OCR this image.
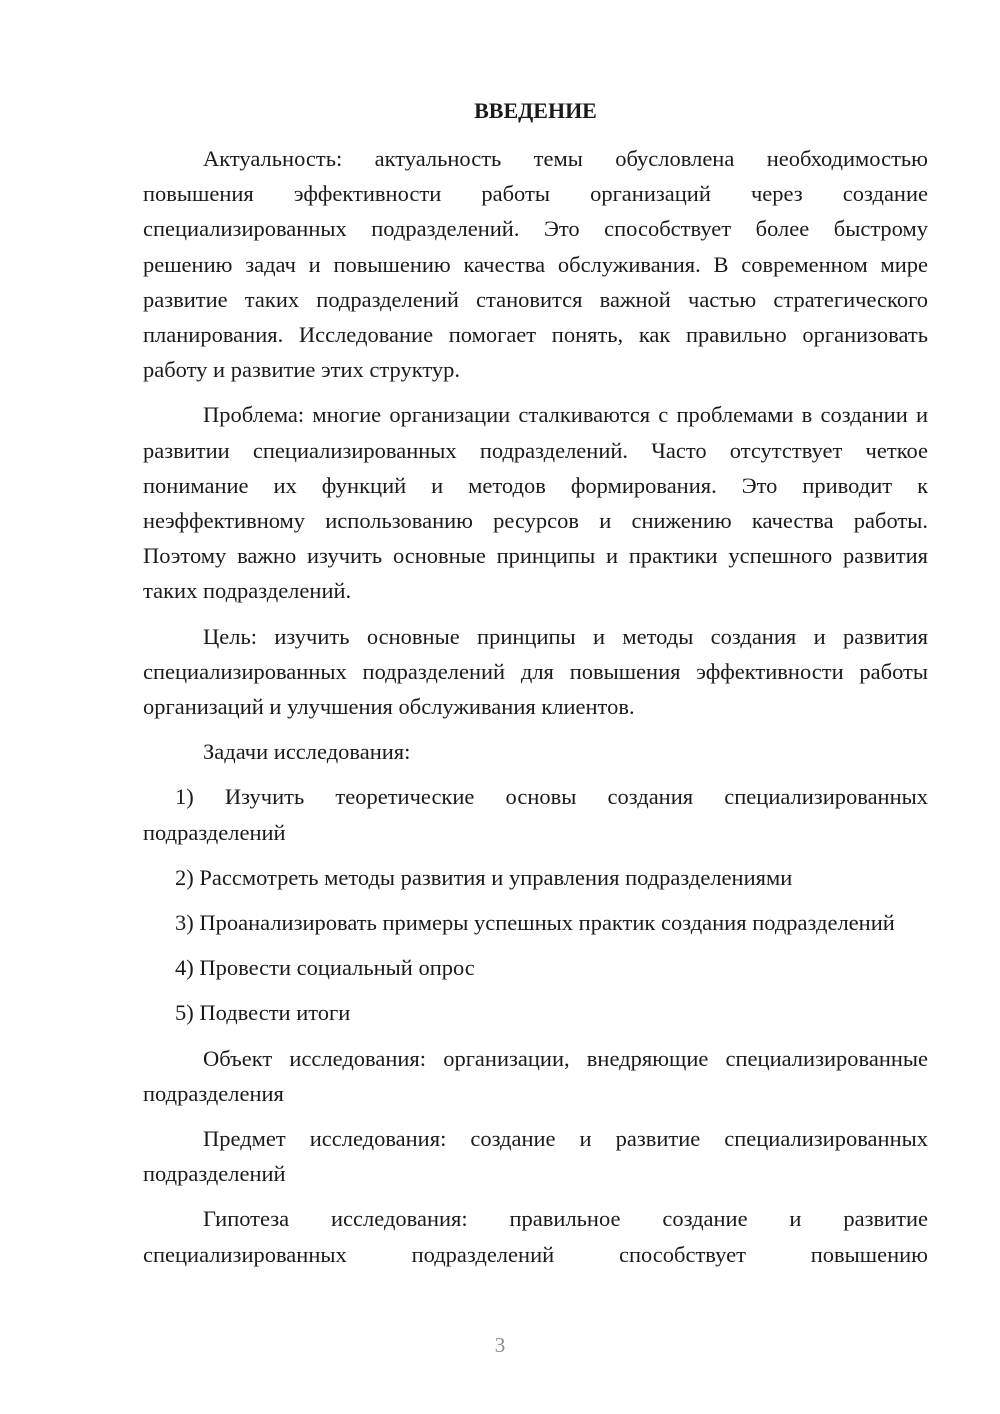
ВВЕДЕНИЕ

Актуальность: актуальность темы обусловлена необходимостью повышения эффективности работы организаций через создание специализированных подразделений. Это способствует более быстрому решению задач и повышению качества обслуживания. В современном мире развитие таких подразделений становится важной частью стратегического планирования. Исследование помогает понять, как правильно организовать работу и развитие этих структур.

Проблема: многие организации сталкиваются с проблемами в создании и развитии специализированных подразделений. Часто отсутствует четкое понимание их функций и методов формирования. Это приводит к неэффективному использованию ресурсов и снижению качества работы. Поэтому важно изучить основные принципы и практики успешного развития таких подразделений.

Цель: изучить основные принципы и методы создания и развития специализированных подразделений для повышения эффективности работы организаций и улучшения обслуживания клиентов.

Задачи исследования:

1) Изучить теоретические основы создания специализированных подразделений

2) Рассмотреть методы развития и управления подразделениями

3) Проанализировать примеры успешных практик создания подразделений

4) Провести социальный опрос

5) Подвести итоги

Объект исследования: организации, внедряющие специализированные подразделения

Предмет исследования: создание и развитие специализированных подразделений

Гипотеза исследования: правильное создание и развитие специализированных подразделений способствует повышению

3
